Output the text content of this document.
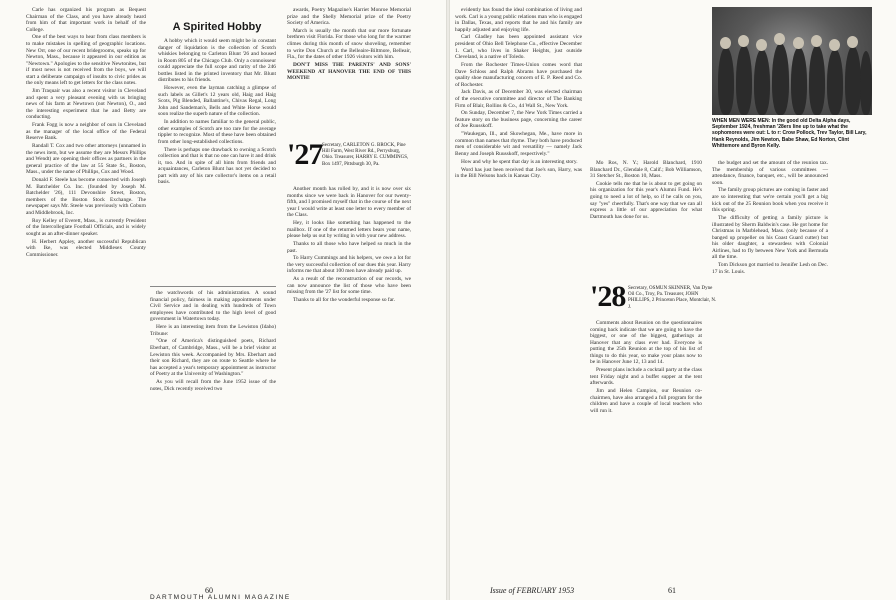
Carle has organized his program as Bequest Chairman of the Class, and you have already heard from him of that important work in behalf of the College.

One of the best ways to hear from class members is to make mistakes in spelling of geographic locations. New Orr, one of our recent bridegrooms, speaks up for Newton, Mass., because it appeared in our edition as "Newtown." Apologies to the sensitive Newtonites, but if most news is not received from the boys, we will start a deliberate campaign of insults to civic prides as the only means left to get letters for the class notes.

Jim Traquair was also a recent visitor in Cleveland and spent a very pleasant evening with us bringing news of his farm at Newtown (not Newton), O., and the interesting experiment that he and Betty are conducting.

Frank Fogg is now a neighbor of ours in Cleveland as the manager of the local office of the Federal Reserve Bank.

Randall T. Cox and two other attorneys (unnamed in the news item, but we assume they are Messrs Phillips and Wendt) are opening their offices as partners in the general practice of the law at 55 State St., Boston, Mass., under the name of Phillips, Cox and Wood.

Donald F. Steele has become connected with Joseph M. Batchelder Co. Inc. (founded by Joseph M. Batchelder '26), 111 Devonshire Street, Boston, members of the Boston Stock Exchange. The newspaper says Mr. Steele was previously with Coburn and Middlebrook, Inc.

Roy Kelley of Everett, Mass., is currently President of the Intercollegiate Football Officials, and is widely sought as an after-dinner speaker.

H. Herbert Appley, another successful Republican with Ike, was elected Middlesex County Commissioner.

A Spirited Hobby

A hobby which it would seem might be in constant danger of liquidation is the collection of Scotch whiskies belonging to Carleton Blunt '26 and housed in Room 805 of the Chicago Club. Only a connoisseur could appreciate the full scope and rarity of the 246 bottles listed in the printed inventory that Mr. Blunt distributes to his friends.

However, even the layman catching a glimpse of such labels as Gillet's 12 years old, Haig and Haig Scots, Pig Blended, Ballantine's, Chivas Regal, Long John and Sandeman's, Bells and White Horse would soon realize the superb nature of the collection.

In addition to names familiar to the general public, other examples of Scotch are too rare for the average tippler to recognize. Most of these have been obtained from other long-established collections.

There is perhaps one drawback to owning a Scotch collection and that is that no one can have it and drink it, too. And in spite of all hints from friends and acquaintances, Carleton Blunt has not yet decided to part with any of his rare collector's items on a retail basis.

the watchwords of his administration. A sound financial policy, fairness in making appointments under Civil Service and in dealing with hundreds of Town employees have contributed to the high level of good government in Watertown today.

Here is an interesting item from the Lewiston (Idaho) Tribune:

"One of America's distinguished poets, Richard Eberhart, of Cambridge, Mass., will be a brief visitor at Lewiston this week. Accompanied by Mrs. Eberhart and their son Richard, they are on route to Seattle where he has accepted a year's temporary appointment as instructor of Poetry at the University of Washington."

As you will recall from the June 1952 issue of the notes, Dick recently received two

awards, Poetry Magazine's Harriet Monroe Memorial prize and the Shelly Memorial prize of the Poetry Society of America.

March is usually the month that our more fortunate brethren visit Florida. For those who long for the warmer climes during this month of snow shoveling, remember to write Don Church at the Belleaire-Biltmore, Belleair, Fla., for the dates of other 1926 visitors with him.

DON'T MISS THE PARENTS' AND SONS' WEEKEND AT HANOVER THE END OF THIS MONTH!

'27 Secretary, CARLETON G. BROCK, Pine Hill Farm, West River Rd., Perrysburg, Ohio. Treasurer, HARRY E. CUMMINGS, Box 1497, Pittsburgh 30, Pa.

Another month has rolled by, and it is now over six months since we were back in Hanover for our twenty-fifth, and I promised myself that in the course of the next year I would write at least one letter to every member of the Class.

Hey, it looks like something has happened to the mailbox. If one of the returned letters bears your name, please help us out by writing in with your new address.

Thanks to all those who have helped so much in the past.

To Harry Cummings and his helpers, we owe a lot for the very successful collection of our dues this year. Harry informs me that about 100 men have already paid up.

As a result of the reconstruction of our records, we can now announce the list of those who have been missing from the '27 list for some time.

Thanks to all for the wonderful response so far.

60
DARTMOUTH ALUMNI MAGAZINE

evidently has found the ideal combination of living and work. Carl is a young public relations man who is engaged in Dallas, Texas, and reports that he and his family are happily adjusted and enjoying life.

Carl Gladley has been appointed assistant vice president of Ohio Bell Telephone Co., effective December 1. Carl, who lives in Shaker Heights, just outside Cleveland, is a native of Toledo.

From the Rochester Times-Union comes word that Dave Schloss and Ralph Abrams have purchased the quality shoe manufacturing concern of E. P. Reed and Co. of Rochester.

Jack Davis, as of December 30, was elected chairman of the executive committee and director of The Banking Firm of Blair, Rollins & Co., 44 Wall St., New York.

On Sunday, December 7, the New York Times carried a feature story on the business page, concerning the career of Joe Ruusskoff.

"Waukegan, Ill., and Skowhegan, Me., have more in common than names that rhyme. They both have produced men of considerable wit and versatility — namely Jack Benny and Joseph Ruusskoff, respectively."

How and why he spent that day is an interesting story.

Word has just been received that Joe's son, Harry, was in the Bill Nelsons back in Kansas City.

WHEN MEN WERE MEN: In the good old Delta Alpha days, September 1924, freshman '28ers line up to take what the sophomores were out: L to r: Crow Pollock, Trev Taylor, Bill Lary, Hank Reynolds, Jim Newton, Babe Shaw, Ed Norton, Clint Whittemore and Byron Kelly.

Mo Ros, N. Y.; Harold Blanchard, 1910 Blanchard Dr., Glendale 8, Calif.; Bob Williamson, 31 Stetcher St., Boston 10, Mass.

Cookie tells me that he is about to get going on his organization for this year's Alumni Fund. He's going to need a lot of help, so if he calls on you, say "yes" cheerfully. That's one way that we can all express a little of our appreciation for what Dartmouth has done for us.

'28 Secretary, OSMUN SKINNER, Van Dyne Oil Co., Troy, Pa. Treasurer, JOHN PHILLIPS, 2 Princeton Place, Montclair, N. J.

Comments about Reunion on the questionnaires coming back indicate that we are going to have the biggest, or one of the biggest, gatherings at Hanover that any class ever had. Everyone is putting the 25th Reunion at the top of his list of things to do this year, so make your plans now to be in Hanover June 12, 13 and 14.

Present plans include a cocktail party at the class tent Friday night and a buffet supper at the tent afterwards.

Jim and Helen Campion, our Reunion co-chairmen, have also arranged a full program for the children and have a couple of local teachers who will run it.

the budget and set the amount of the reunion tax. The membership of various committees — attendance, finance, banquet, etc., will be announced soon.

The family group pictures are coming in faster and are so interesting that we're certain you'll get a big kick out of the 25 Reunion book when you receive it this spring.

The difficulty of getting a family picture is illustrated by Sherm Baldwin's case. He got home for Christmas in Marblehead, Mass. (only because of a banged up propeller on his Coast Guard cutter) but his older daughter, a stewardess with Colonial Airlines, had to fly between New York and Bermuda all the time.

Tom Dickson got married to Jennifer Lesh on Dec. 17 in St. Louis.

Issue of FEBRUARY 1953	61
